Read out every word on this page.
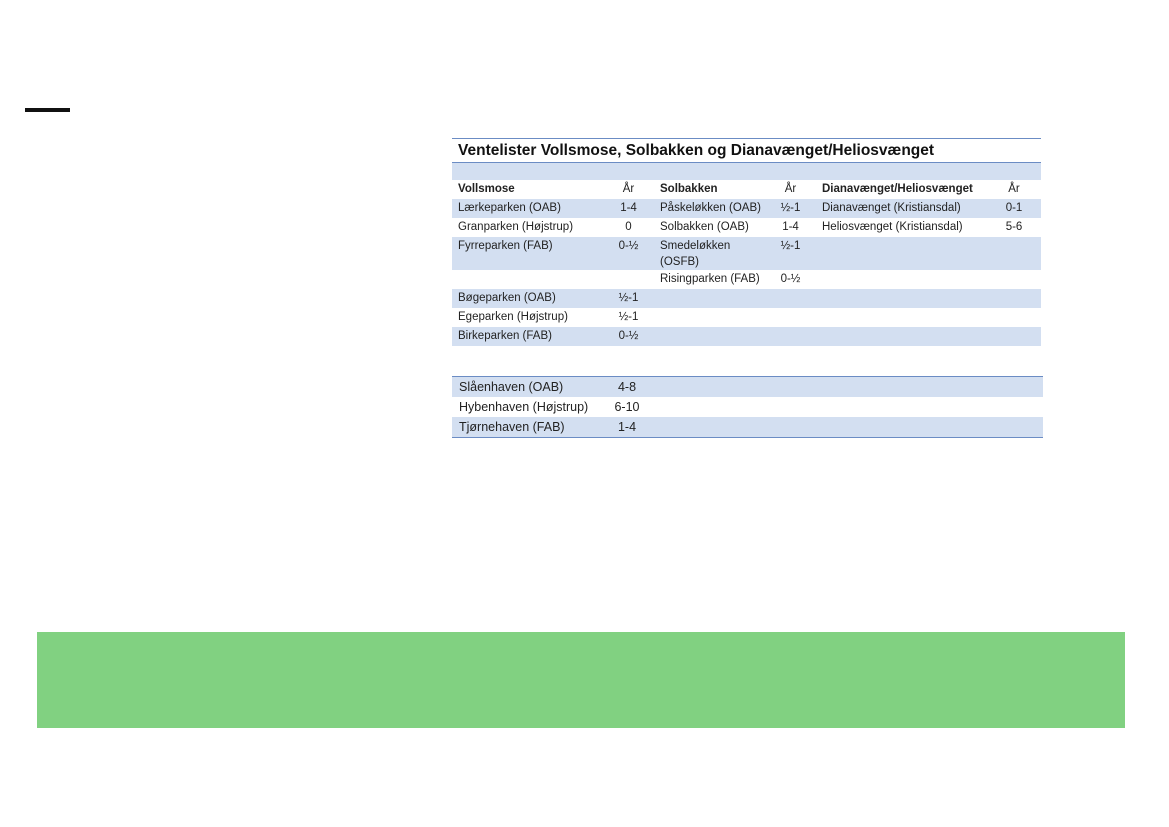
Ventelister Vollsmose, Solbakken og Dianavænget/Heliosvænget
Vollsmose	År	Solbakken	År	Dianavænget/Heliosvænget	År
Lærkeparken (OAB)	1-4	Påskeløkken (OAB)	½-1	Dianavænget (Kristiansdal)	0-1
Granparken (Højstrup)	0	Solbakken (OAB)	1-4	Heliosvænget (Kristiansdal)	5-6
Fyrreparken (FAB)	0-½	Smedeløkken (OSFB)	½-1		
		Risingparken (FAB)	0-½		
Bøgeparken (OAB)	½-1				
Egeparken (Højstrup)	½-1				
Birkeparken (FAB)	0-½				
Slåenhaven (OAB)	4-8	
Hybenhaven (Højstrup)	6-10	
Tjørnehaven (FAB)	1-4	
